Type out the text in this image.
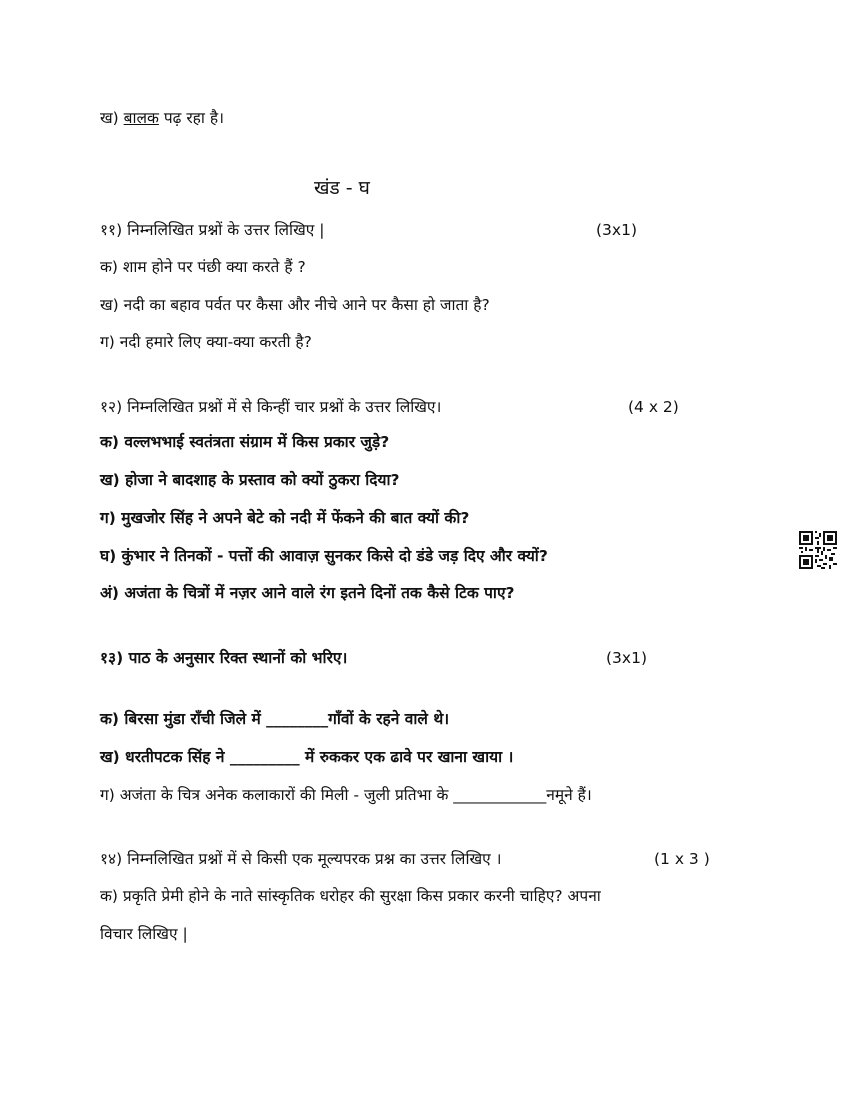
ख) बालक पढ़ रहा है।
खंड - घ
११) निम्नलिखित प्रश्नों के उत्तर लिखिए |	(3x1)
क) शाम होने पर पंछी क्या करते हैं ?
ख) नदी का बहाव पर्वत पर कैसा और नीचे आने पर कैसा हो जाता है?
ग) नदी हमारे लिए क्या-क्या करती है?
१२) निम्नलिखित प्रश्नों में से किन्हीं चार प्रश्नों के उत्तर लिखिए।	(4 x 2)
क) वल्लभभाई स्वतंत्रता संग्राम में किस प्रकार जुड़े?
ख) होजा ने बादशाह के प्रस्ताव को क्यों ठुकरा दिया?
ग) मुखजोर सिंह ने अपने बेटे को नदी में फेंकने की बात क्यों की?
घ) कुंभार ने तिनकों - पत्तों की आवाज़ सुनकर किसे दो डंडे जड़ दिए और क्यों?
अं) अजंता के चित्रों में नज़र आने वाले रंग इतने दिनों तक कैसे टिक पाए?
१३) पाठ के अनुसार रिक्त स्थानों को भरिए।	(3x1)
क) बिरसा मुंडा राँची जिले में ________गाँवों के रहने वाले थे।
ख) धरतीपटक सिंह ने _________ में रुककर एक ढावे पर खाना खाया ।
ग) अजंता के चित्र अनेक कलाकारों की मिली - जुली प्रतिभा के ____________नमूने हैं।
१४) निम्नलिखित प्रश्नों में से किसी एक मूल्यपरक प्रश्न का उत्तर लिखिए ।	(1 x 3 )
क) प्रकृति प्रेमी होने के नाते सांस्कृतिक धरोहर की सुरक्षा किस प्रकार करनी चाहिए? अपना
विचार लिखिए |
